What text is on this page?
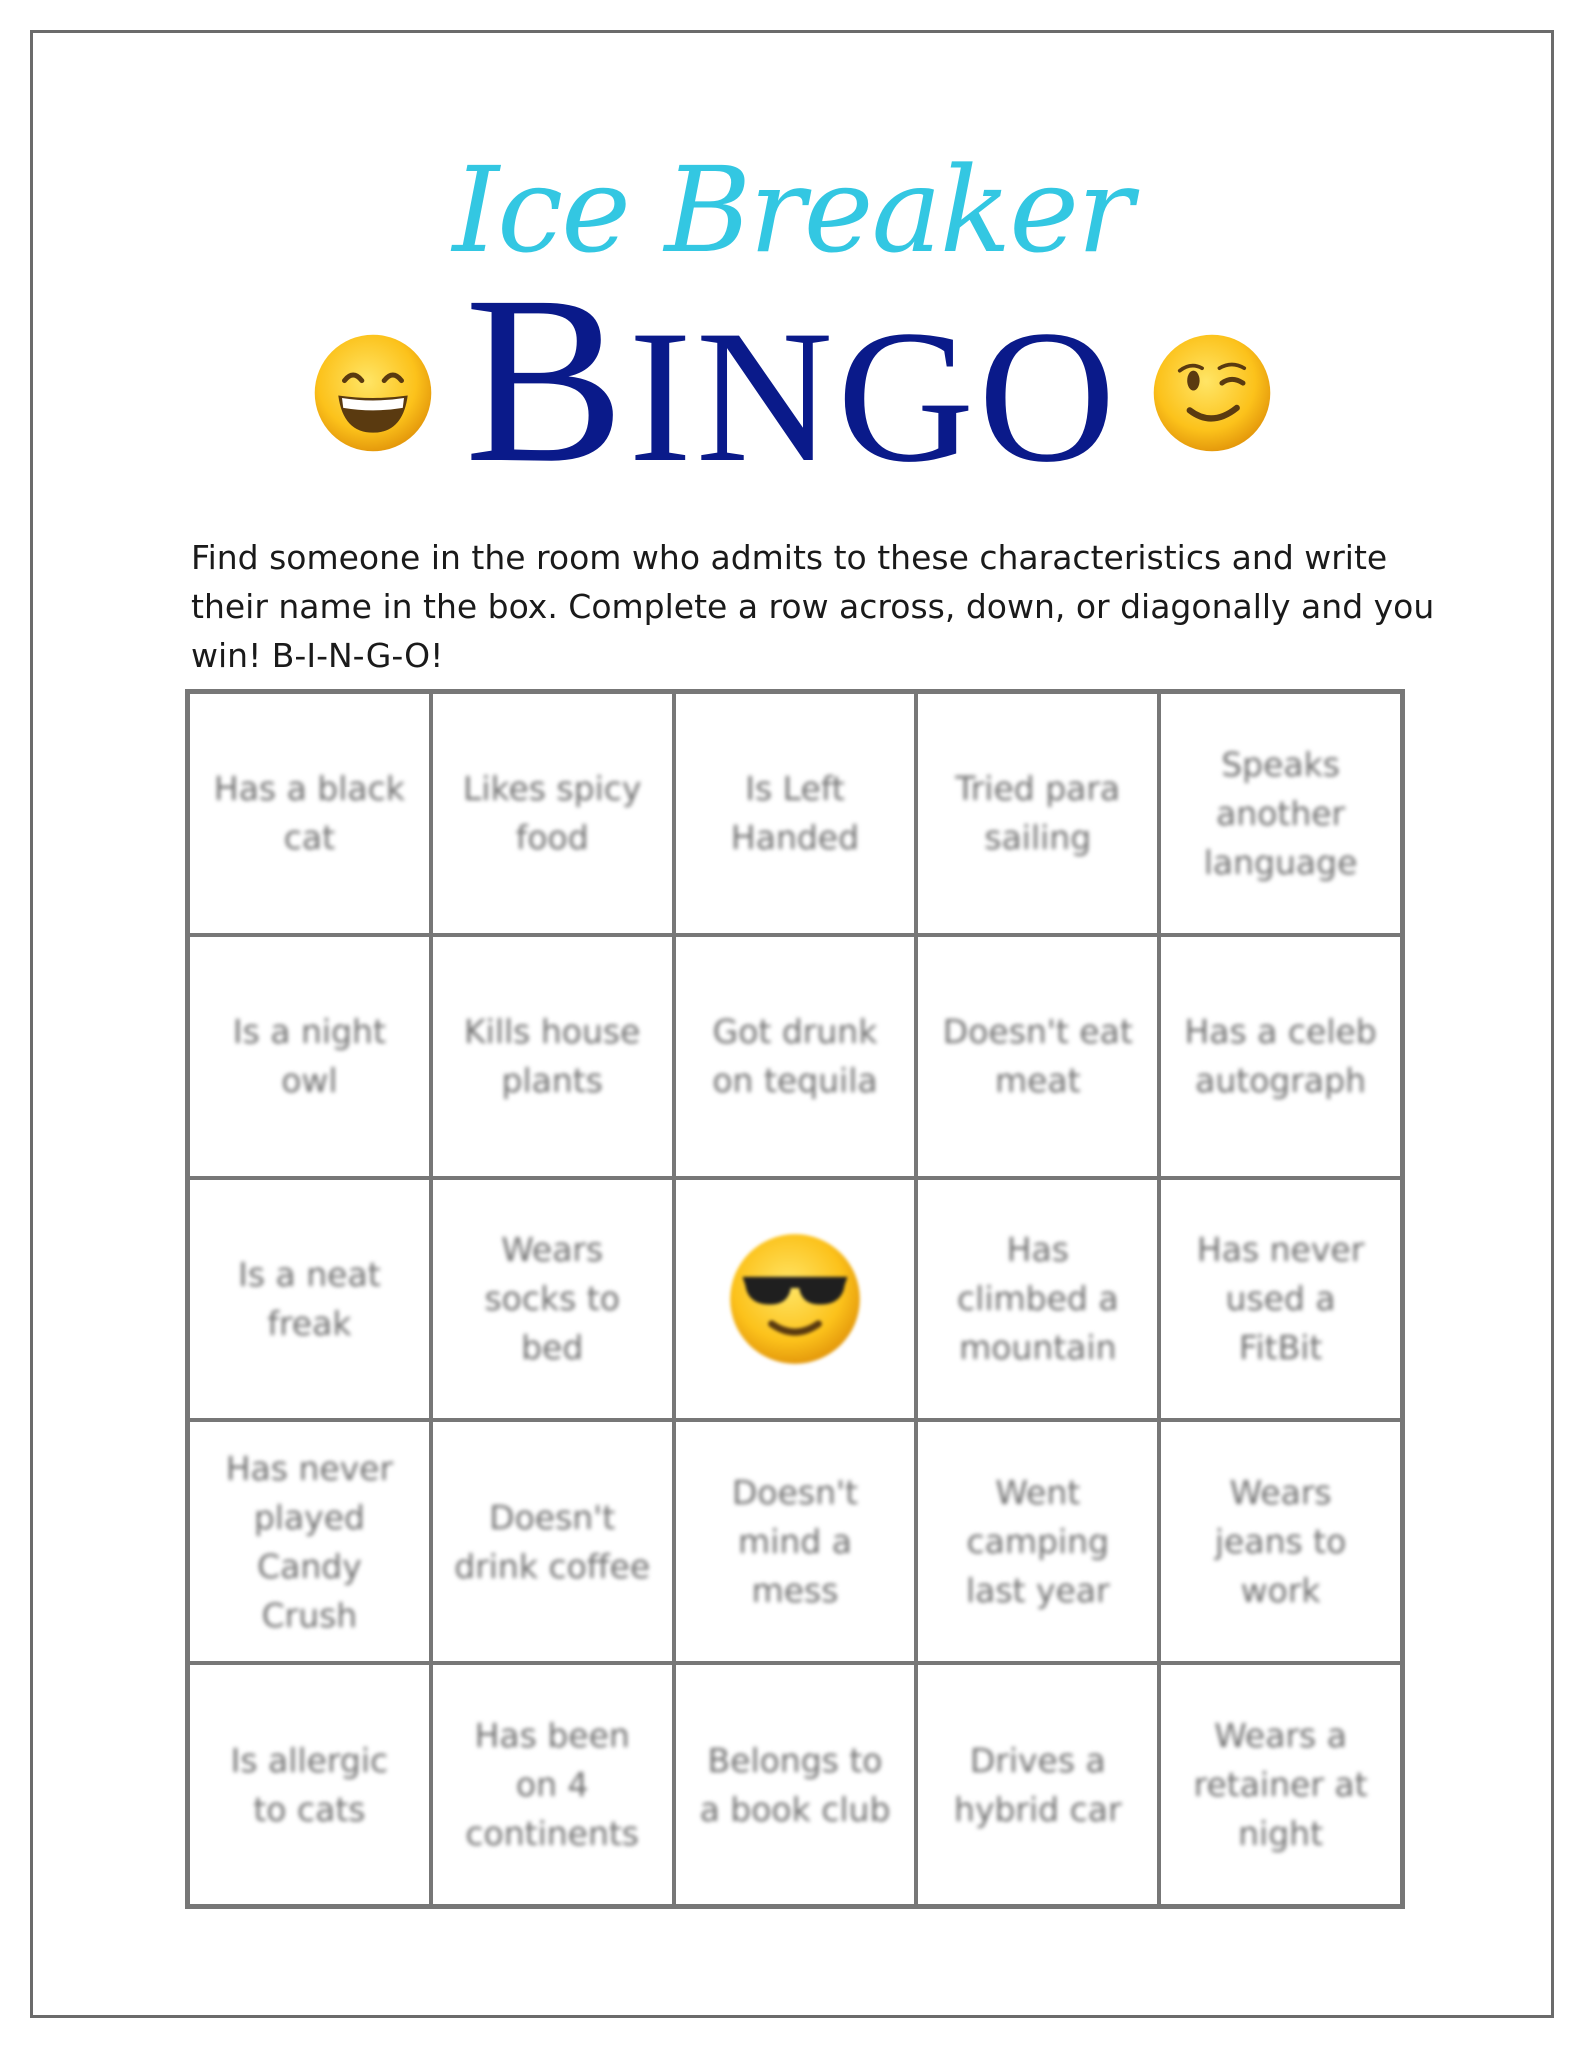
Ice Breaker
BINGO
Find someone in the room who admits to these characteristics and write their name in the box. Complete a row across, down, or diagonally and you win! B-I-N-G-O!
Has a black cat
Likes spicy food
Is Left Handed
Tried para sailing
Speaks another language
Is a night owl
Kills house plants
Got drunk on tequila
Doesn't eat meat
Has a celeb autograph
Is a neat freak
Wears socks to bed
Has climbed a mountain
Has never used a FitBit
Has never played Candy Crush
Doesn't drink coffee
Doesn't mind a mess
Went camping last year
Wears jeans to work
Is allergic to cats
Has been on 4 continents
Belongs to a book club
Drives a hybrid car
Wears a retainer at night
